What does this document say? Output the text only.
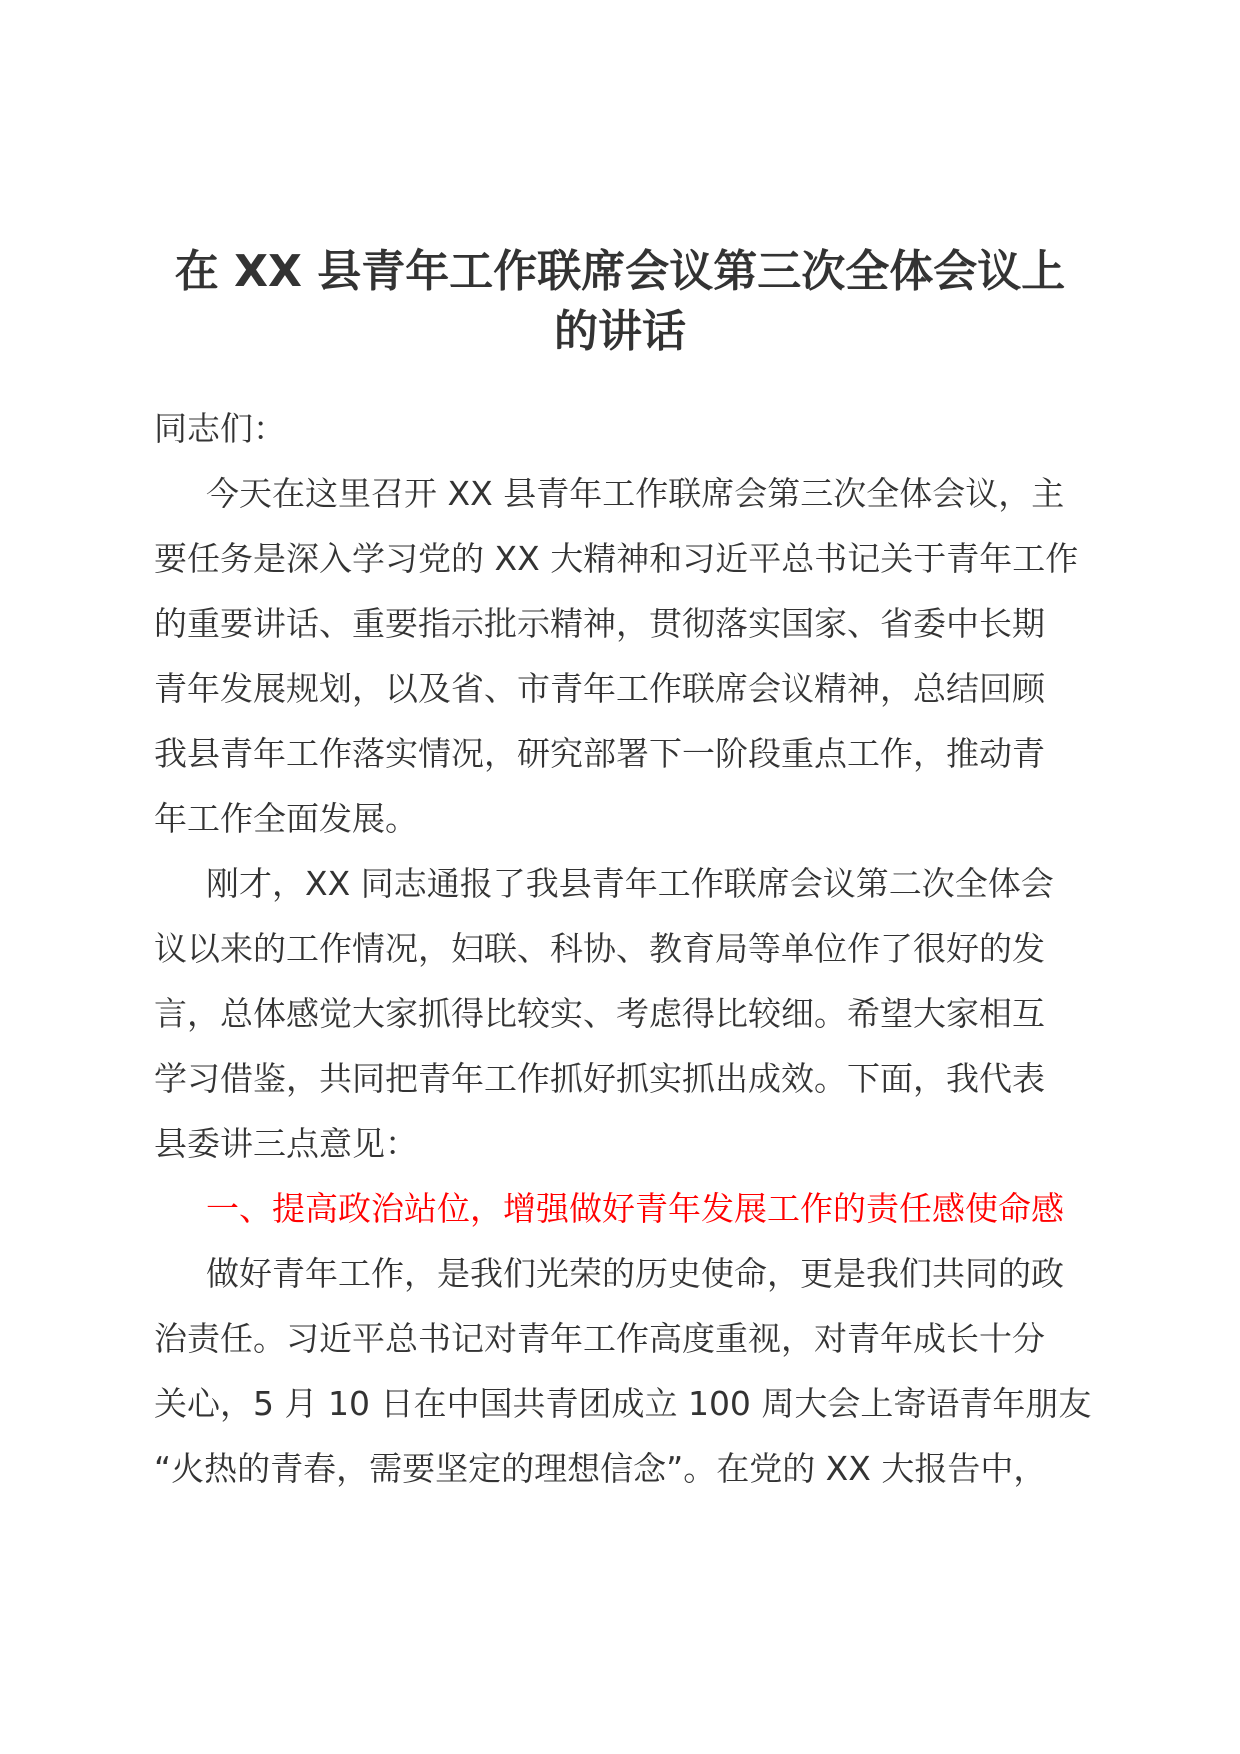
在 XX 县青年工作联席会议第三次全体会议上
的讲话
同志们：
今天在这里召开 XX 县青年工作联席会第三次全体会议，主
要任务是深入学习党的 XX 大精神和习近平总书记关于青年工作
的重要讲话、重要指示批示精神，贯彻落实国家、省委中长期
青年发展规划，以及省、市青年工作联席会议精神，总结回顾
我县青年工作落实情况，研究部署下一阶段重点工作，推动青
年工作全面发展。
刚才，XX 同志通报了我县青年工作联席会议第二次全体会
议以来的工作情况，妇联、科协、教育局等单位作了很好的发
言，总体感觉大家抓得比较实、考虑得比较细。希望大家相互
学习借鉴，共同把青年工作抓好抓实抓出成效。下面，我代表
县委讲三点意见：
一、提高政治站位，增强做好青年发展工作的责任感使命感
做好青年工作，是我们光荣的历史使命，更是我们共同的政
治责任。习近平总书记对青年工作高度重视，对青年成长十分
关心，5 月 10 日在中国共青团成立 100 周大会上寄语青年朋友
“火热的青春，需要坚定的理想信念”。在党的 XX 大报告中，
